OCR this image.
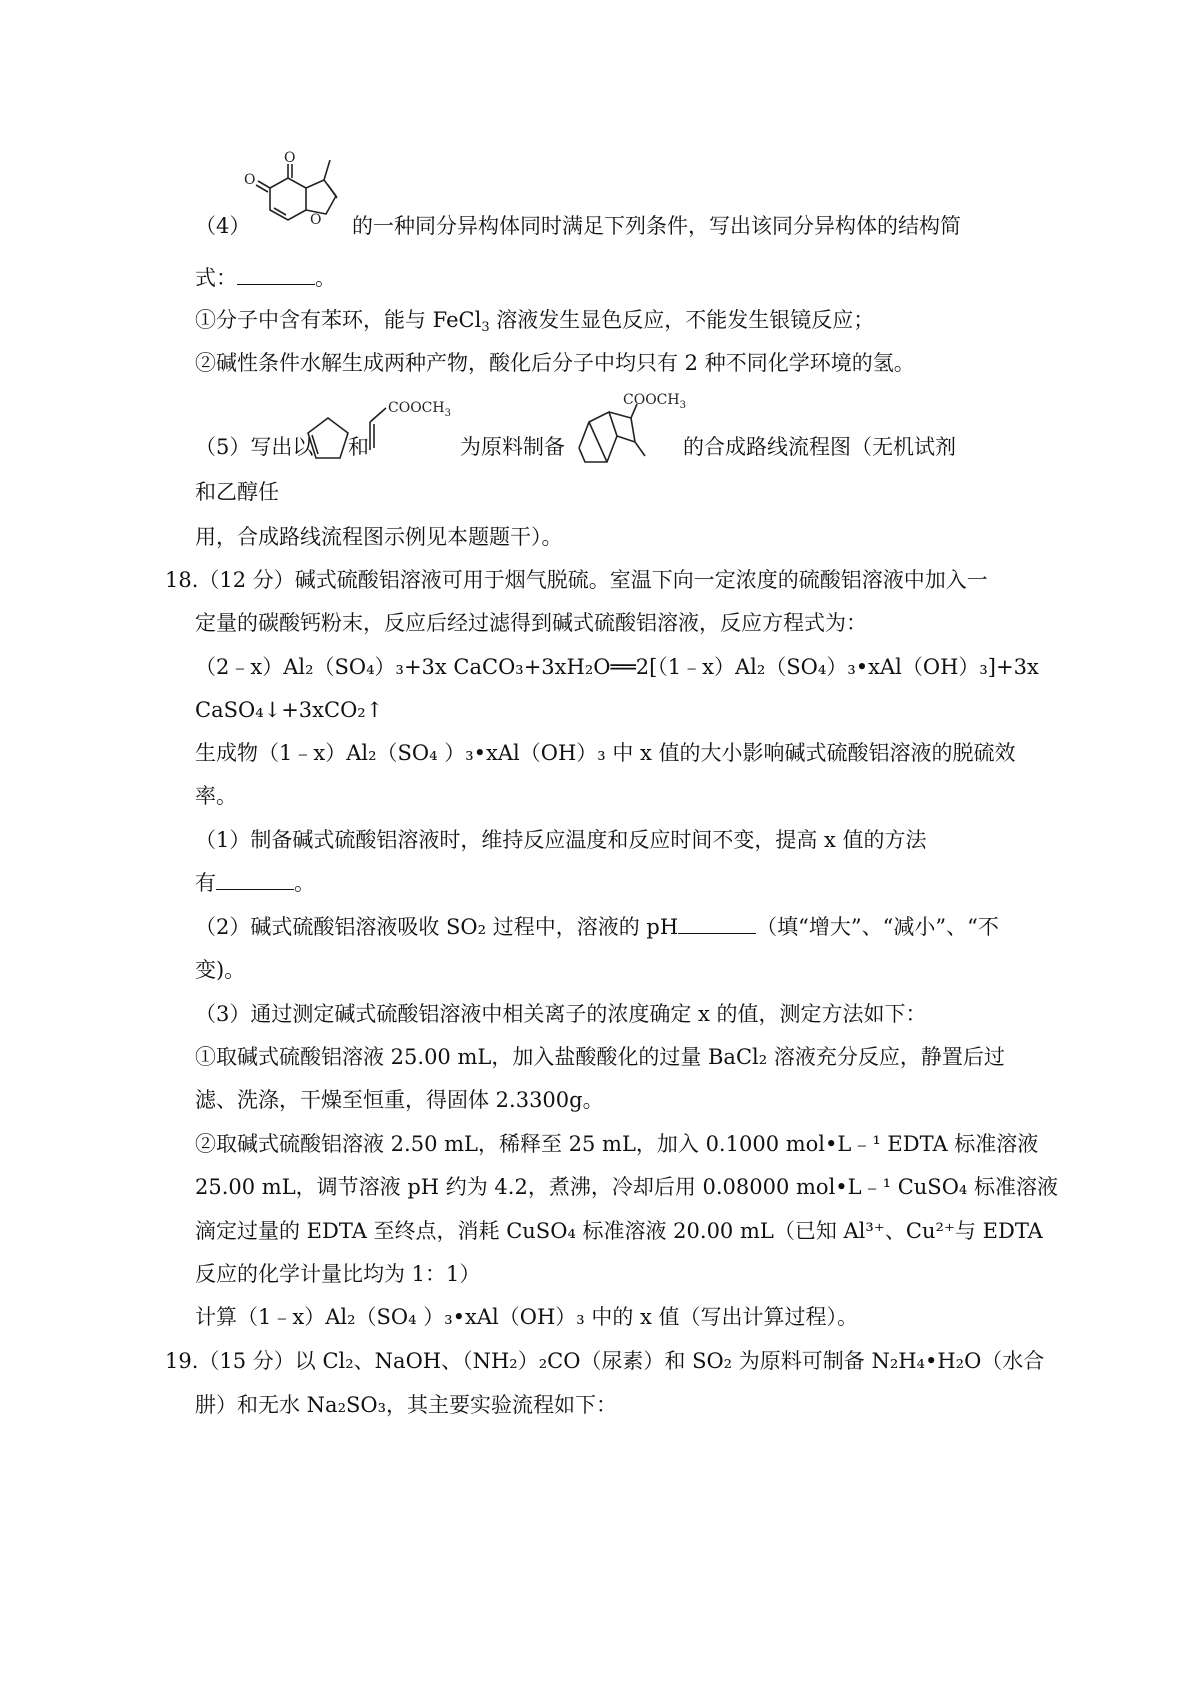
O
O
O
（4）	的一种同分异构体同时满足下列条件，写出该同分异构体的结构简
式：	。
①分子中含有苯环，能与 FeCl$_3$ 溶液发生显色反应，不能发生银镜反应；
②碱性条件水解生成两种产物，酸化后分子中均只有 2 种不同化学环境的氢。
（5）写出以 和
$COOCH_3$
为原料制备
$COOCH_3$
的合成路线流程图（无机试剂
和乙醇任
用，合成路线流程图示例见本题题干）。
18.（12 分）碱式硫酸铝溶液可用于烟气脱硫。室温下向一定浓度的硫酸铝溶液中加入一
定量的碳酸钙粉末，反应后经过滤得到碱式硫酸铝溶液，反应方程式为：
（2﹣x）Al₂（SO₄）₃+3x CaCO₃+3xH₂O══2[（1﹣x）Al₂（SO₄）₃•xAl（OH）₃]+3x
CaSO₄↓+3xCO₂↑
生成物（1﹣x）Al₂（SO₄ ）₃•xAl（OH）₃ 中 x 值的大小影响碱式硫酸铝溶液的脱硫效
率。
（1）制备碱式硫酸铝溶液时，维持反应温度和反应时间不变，提高 x 值的方法
有	。
（2）碱式硫酸铝溶液吸收 SO₂ 过程中，溶液的 pH	（填“增大”、“减小”、“不
变)。
（3）通过测定碱式硫酸铝溶液中相关离子的浓度确定 x 的值，测定方法如下：
①取碱式硫酸铝溶液 25.00 mL，加入盐酸酸化的过量 BaCl₂ 溶液充分反应，静置后过
滤、洗涤，干燥至恒重，得固体 2.3300g。
②取碱式硫酸铝溶液 2.50 mL，稀释至 25 mL，加入 0.1000 mol•L﹣¹ EDTA 标准溶液
25.00 mL，调节溶液 pH 约为 4.2，煮沸，冷却后用 0.08000 mol•L﹣¹ CuSO₄ 标准溶液
滴定过量的 EDTA 至终点，消耗 CuSO₄ 标准溶液 20.00 mL（已知 Al³⁺、Cu²⁺与 EDTA
反应的化学计量比均为 1：1）
计算（1﹣x）Al₂（SO₄ ）₃•xAl（OH）₃ 中的 x 值（写出计算过程）。
19.（15 分）以 Cl₂、NaOH、（NH₂）₂CO（尿素）和 SO₂ 为原料可制备 N₂H₄•H₂O（水合
肼）和无水 Na₂SO₃，其主要实验流程如下：
